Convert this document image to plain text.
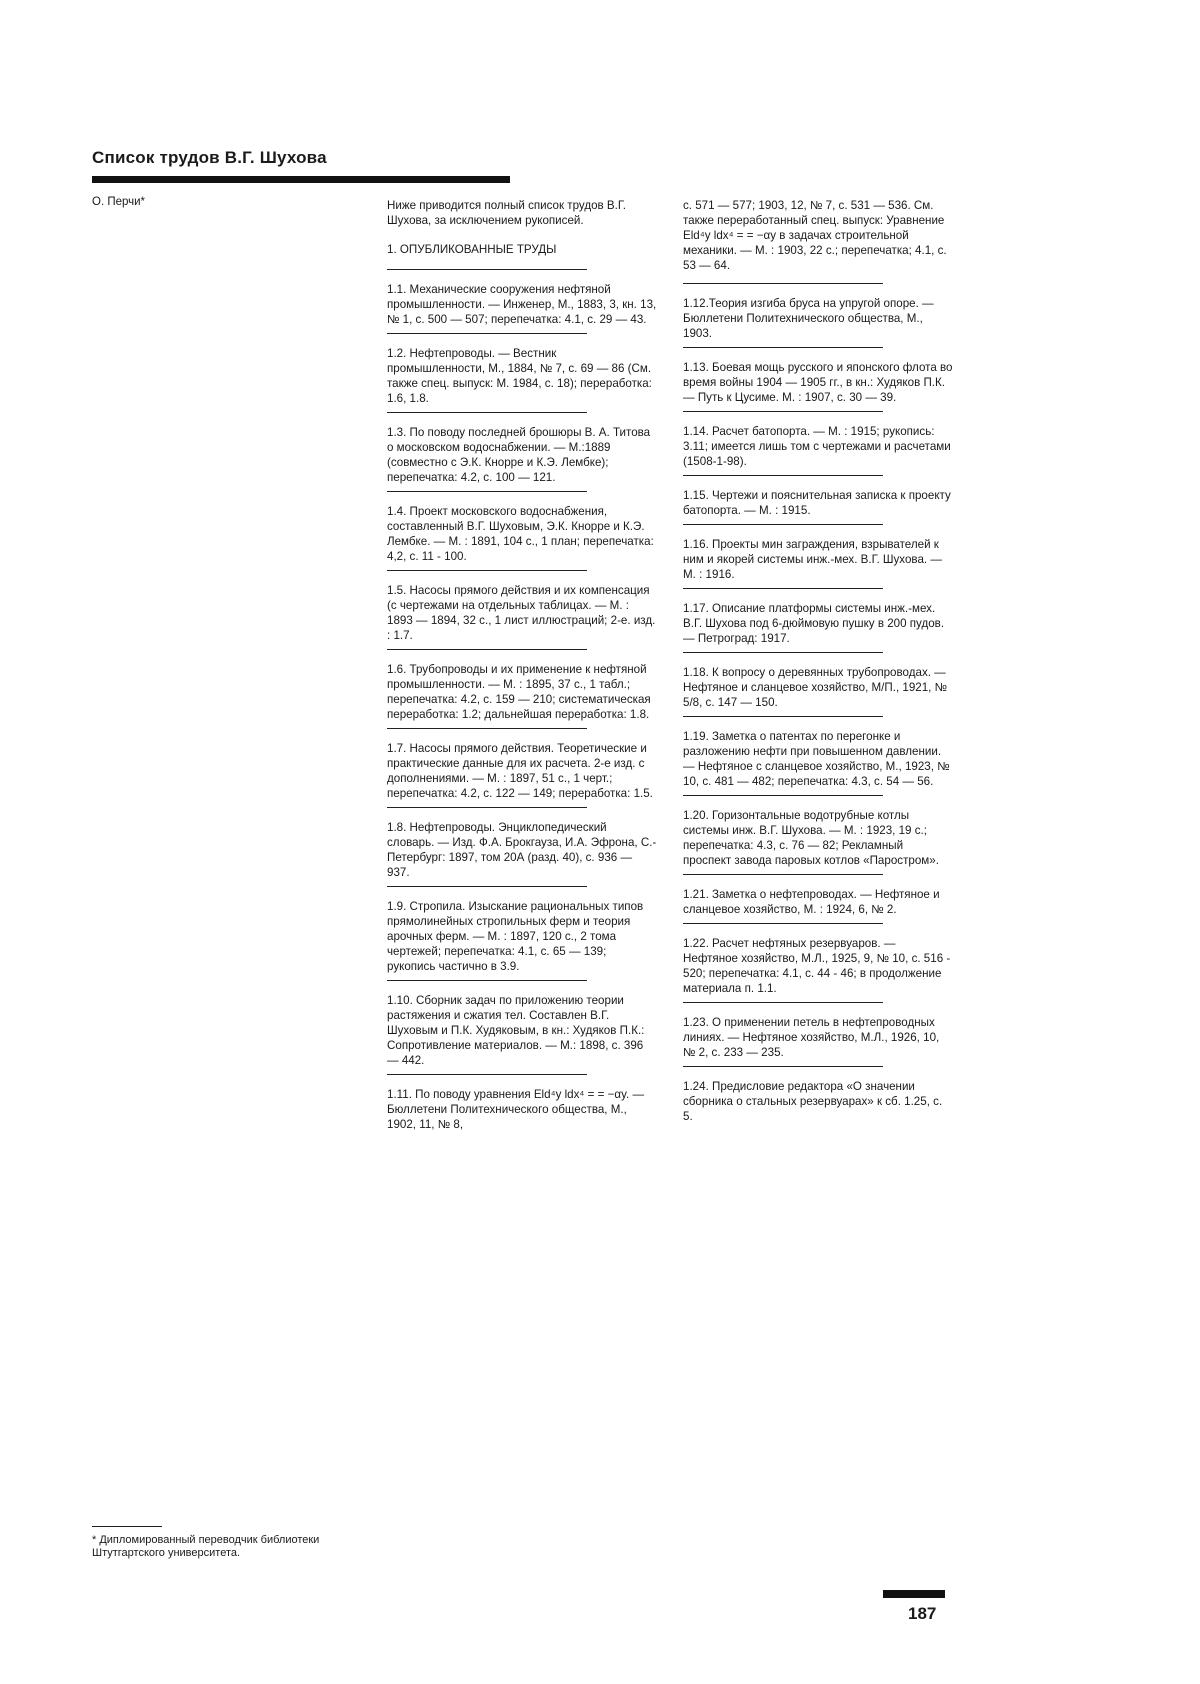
Список трудов В.Г. Шухова
О. Перчи*	Ниже приводится полный список трудов В.Г. Шухова, за исключением рукописей.

1. ОПУБЛИКОВАННЫЕ ТРУДЫ

1.1. Механические сооружения нефтяной промышленности. — Инженер, М., 1883, 3, кн. 13, № 1, с. 500 — 507; перепечатка: 4.1, с. 29 — 43.

1.2. Нефтепроводы. — Вестник промышленности, М., 1884, № 7, с. 69 — 86 (См. также спец. выпуск: М. 1984, с. 18); переработка: 1.6, 1.8.

1.3. По поводу последней брошюры В. А. Титова о московском водоснабжении. — М.:1889 (совместно с Э.К. Кнорре и К.Э. Лембке); перепечатка: 4.2, с. 100 — 121.

1.4. Проект московского водоснабжения, составленный В.Г. Шуховым, Э.К. Кнорре и К.Э. Лембке. — М. : 1891, 104 с., 1 план; перепечатка: 4,2, с. 11 - 100.

1.5. Насосы прямого действия и их компенсация (с чертежами на отдельных таблицах. — М. : 1893 — 1894, 32 с., 1 лист иллюстраций; 2-е. изд. : 1.7.

1.6. Трубопроводы и их применение к нефтяной промышленности. — М. : 1895, 37 с., 1 табл.; перепечатка: 4.2, с. 159 — 210; систематическая переработка: 1.2; дальнейшая переработка: 1.8.

1.7. Насосы прямого действия. Теоретические и практические данные для их расчета. 2-е изд. с дополнениями. — М. : 1897, 51 с., 1 черт.; перепечатка: 4.2, с. 122 — 149; переработка: 1.5.

1.8. Нефтепроводы. Энциклопедический словарь. — Изд. Ф.А. Брокгауза, И.А. Эфрона, С.-Петербург: 1897, том 20А (разд. 40), с. 936 — 937.

1.9. Стропила. Изыскание рациональных типов прямолинейных стропильных ферм и теория арочных ферм. — М. : 1897, 120 с., 2 тома чертежей; перепечатка: 4.1, с. 65 — 139; рукопись частично в 3.9.

1.10. Сборник задач по приложению теории растяжения и сжатия тел. Составлен В.Г. Шуховым и П.К. Худяковым, в кн.: Худяков П.К.: Сопротивление материалов. — М.: 1898, с. 396 — 442.

1.11. По поводу уравнения Eld⁴y ldx⁴ = = −αy. — Бюллетени Политехнического общества, М., 1902, 11, № 8,

с. 571 — 577; 1903, 12, № 7, с. 531 — 536. См. также переработанный спец. выпуск: Уравнение Eld⁴y ldx⁴ = = −αy в задачах строительной механики. — М. : 1903, 22 с.; перепечатка; 4.1, с. 53 — 64.

1.12.Теория изгиба бруса на упругой опоре. — Бюллетени Политехнического общества, М., 1903.

1.13. Боевая мощь русского и японского флота во время войны 1904 — 1905 гг., в кн.: Худяков П.К. — Путь к Цусиме. М. : 1907, с. 30 — 39.

1.14. Расчет батопорта. — М. : 1915; рукопись: 3.11; имеется лишь том с чертежами и расчетами (1508-1-98).

1.15. Чертежи и пояснительная записка к проекту батопорта. — М. : 1915.

1.16. Проекты мин заграждения, взрывателей к ним и якорей системы инж.-мех. В.Г. Шухова. — М. : 1916.

1.17. Описание платформы системы инж.-мех. В.Г. Шухова под 6-дюймовую пушку в 200 пудов. — Петроград: 1917.

1.18. К вопросу о деревянных трубопроводах. — Нефтяное и сланцевое хозяйство, М/П., 1921, № 5/8, с. 147 — 150.

1.19. Заметка о патентах по перегонке и разложению нефти при повышенном давлении. — Нефтяное с сланцевое хозяйство, М., 1923, № 10, с. 481 — 482; перепечатка: 4.3, с. 54 — 56.

1.20. Горизонтальные водотрубные котлы системы инж. В.Г. Шухова. — М. : 1923, 19 с.; перепечатка: 4.3, с. 76 — 82; Рекламный проспект завода паровых котлов «Паростром».

1.21. Заметка о нефтепроводах. — Нефтяное и сланцевое хозяйство, М. : 1924, 6, № 2.

1.22. Расчет нефтяных резервуаров. — Нефтяное хозяйство, М.Л., 1925, 9, № 10, с. 516 - 520; перепечатка: 4.1, с. 44 - 46; в продолжение материала п. 1.1.

1.23. О применении петель в нефтепроводных линиях. — Нефтяное хозяйство, М.Л., 1926, 10, № 2, с. 233 — 235.

1.24. Предисловие редактора «О значении сборника о стальных резервуарах» к сб. 1.25, с. 5.

* Дипломированный переводчик библиотеки Штутгартского университета.

187
